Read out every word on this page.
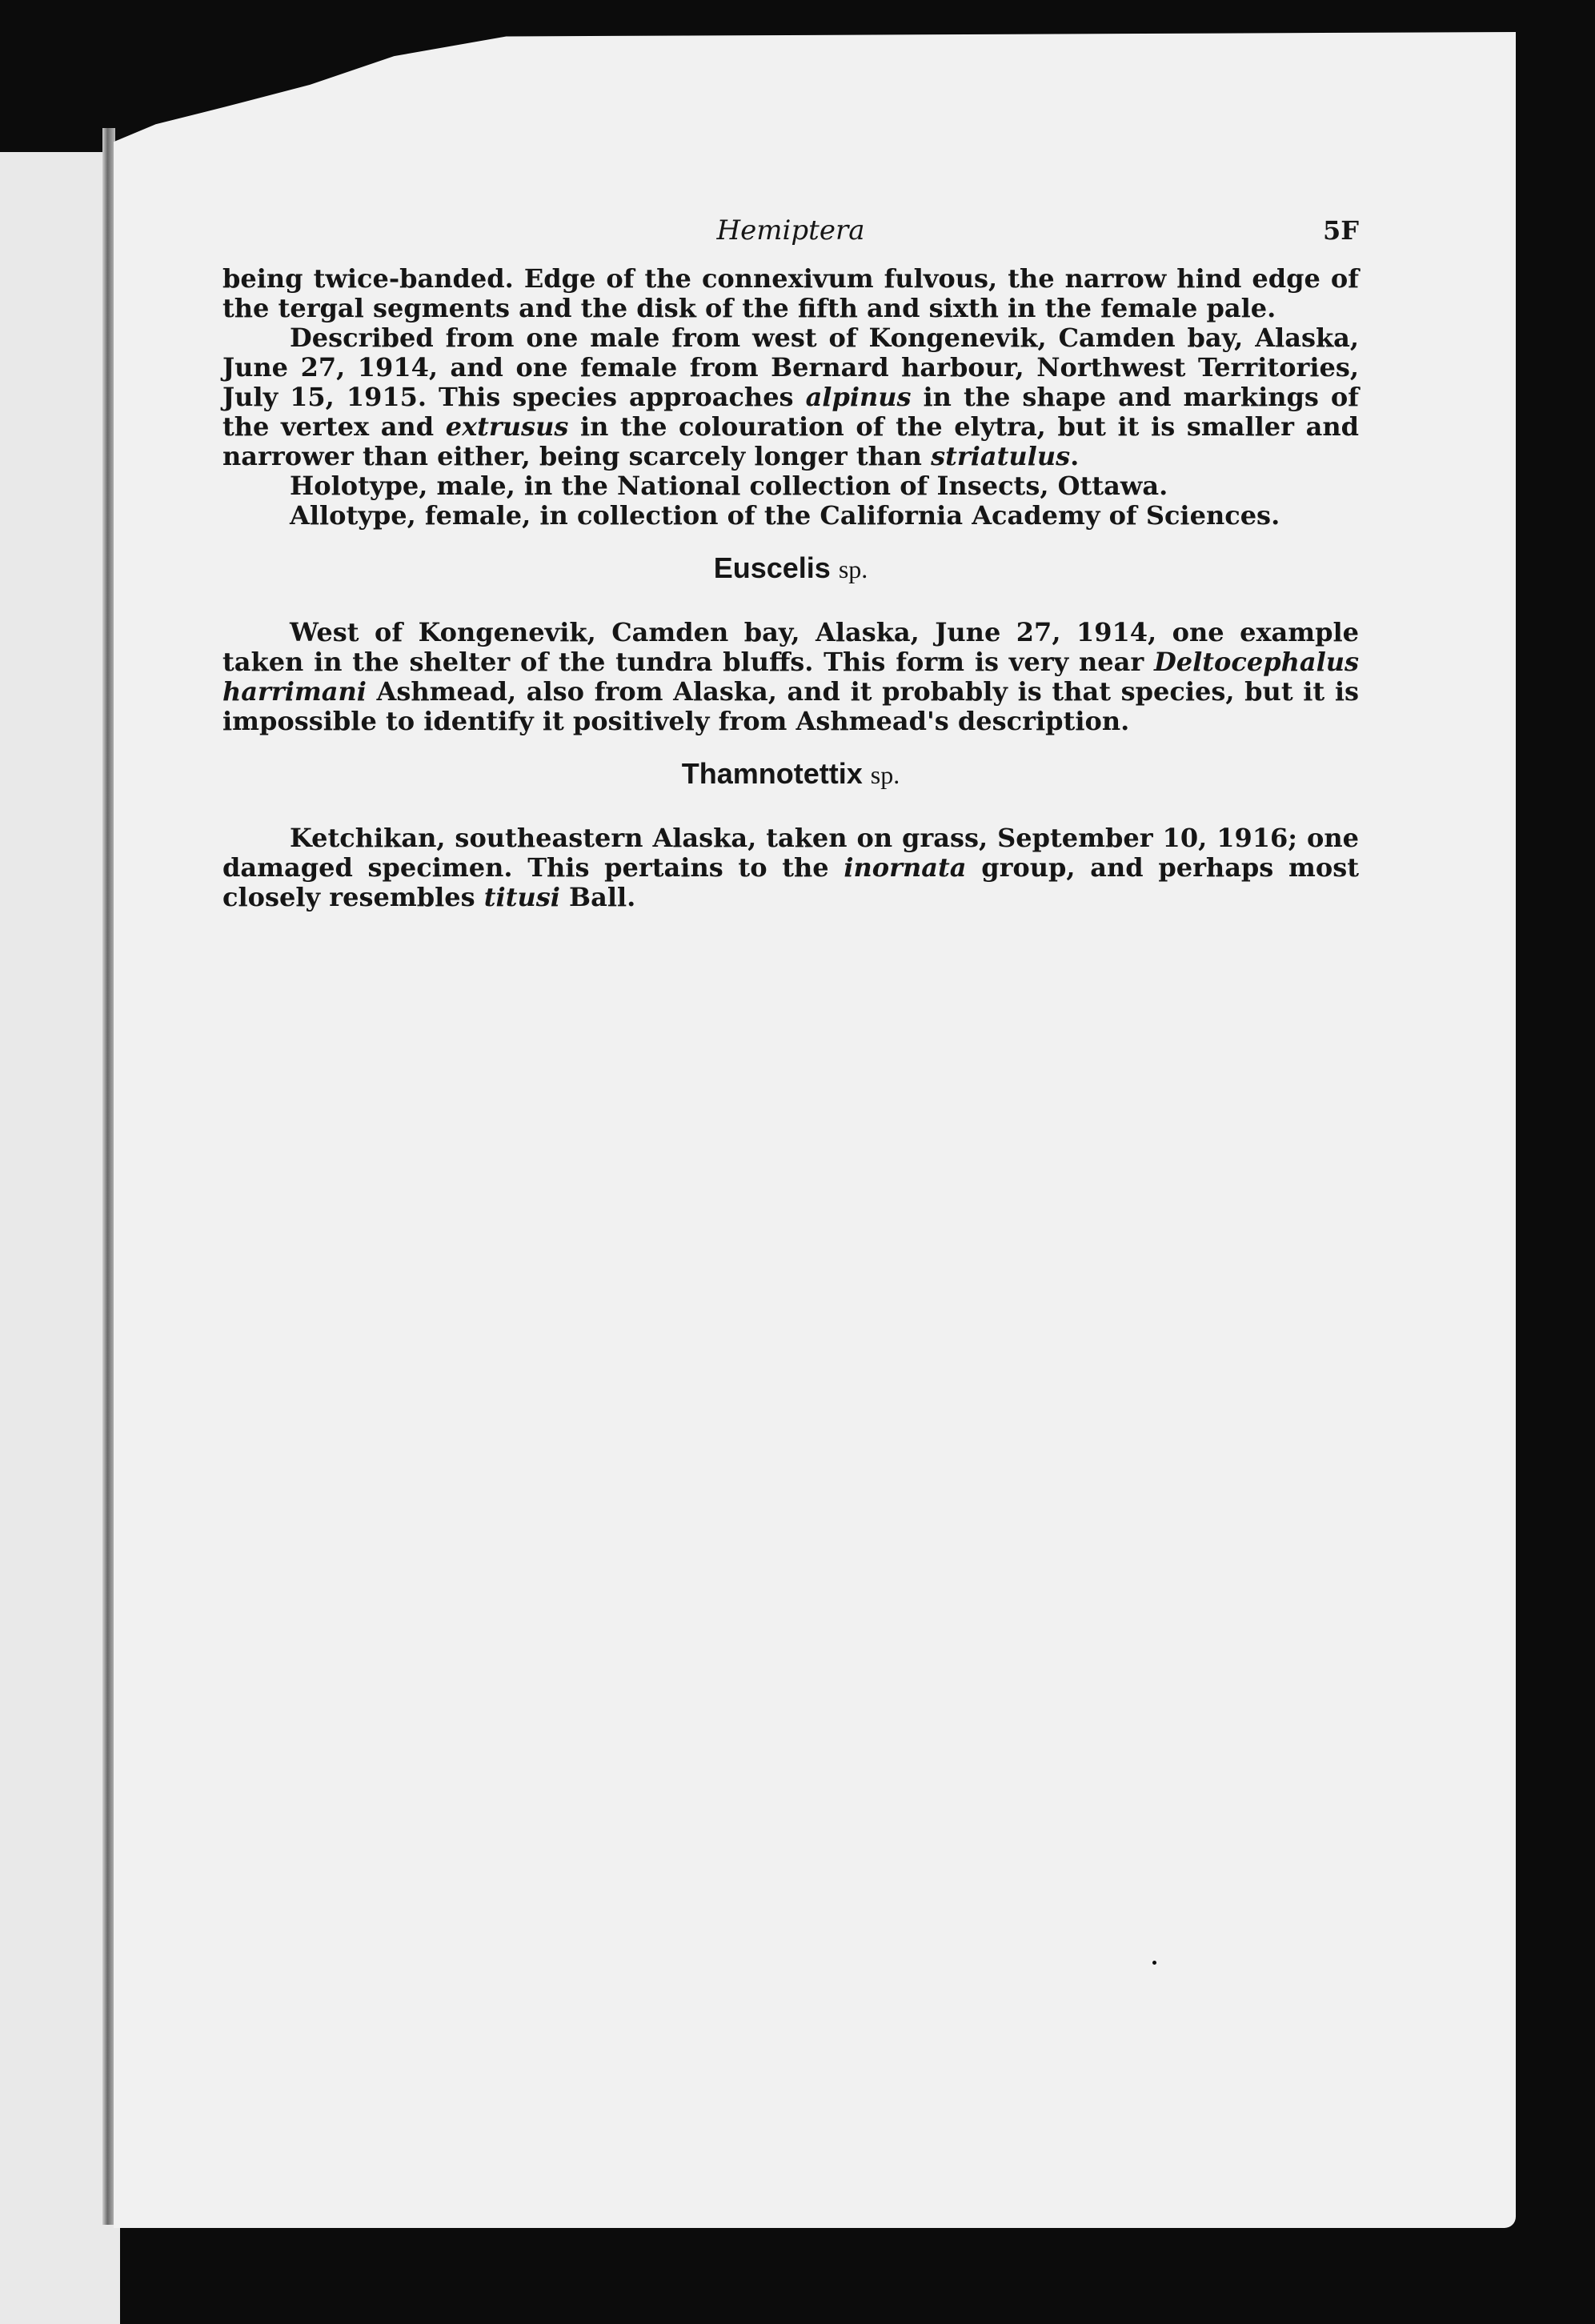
Hemiptera	5F

being twice-banded. Edge of the connexivum fulvous, the narrow hind edge of the tergal segments and the disk of the fifth and sixth in the female pale.

Described from one male from west of Kongenevik, Camden bay, Alaska, June 27, 1914, and one female from Bernard harbour, Northwest Territories, July 15, 1915. This species approaches alpinus in the shape and markings of the vertex and extrusus in the colouration of the elytra, but it is smaller and narrower than either, being scarcely longer than striatulus.

Holotype, male, in the National collection of Insects, Ottawa.

Allotype, female, in collection of the California Academy of Sciences.

Euscelis sp.

West of Kongenevik, Camden bay, Alaska, June 27, 1914, one example taken in the shelter of the tundra bluffs. This form is very near Deltocephalus harrimani Ashmead, also from Alaska, and it probably is that species, but it is impossible to identify it positively from Ashmead's description.

Thamnotettix sp.

Ketchikan, southeastern Alaska, taken on grass, September 10, 1916; one damaged specimen. This pertains to the inornata group, and perhaps most closely resembles titusi Ball.
